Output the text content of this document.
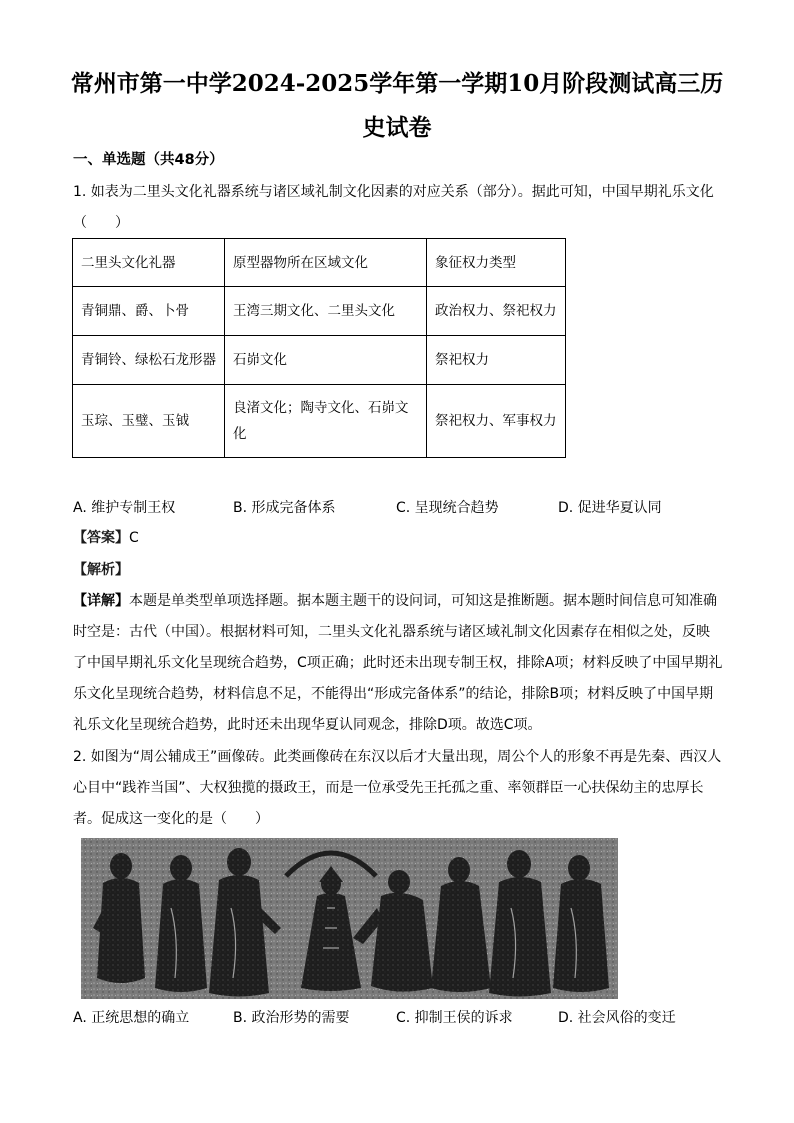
常州市第一中学2024-2025学年第一学期10月阶段测试高三历史试卷
一、单选题（共48分）
1. 如表为二里头文化礼器系统与诸区域礼制文化因素的对应关系（部分）。据此可知，中国早期礼乐文化（　　）
二里头文化礼器	原型器物所在区域文化	象征权力类型
青铜鼎、爵、卜骨	王湾三期文化、二里头文化	政治权力、祭祀权力
青铜铃、绿松石龙形器	石峁文化	祭祀权力
玉琮、玉璧、玉钺	良渚文化；陶寺文化、石峁文化	祭祀权力、军事权力
A. 维护专制王权	B. 形成完备体系	C. 呈现统合趋势	D. 促进华夏认同
【答案】C
【解析】
【详解】本题是单类型单项选择题。据本题主题干的设问词，可知这是推断题。据本题时间信息可知准确时空是：古代（中国）。根据材料可知，二里头文化礼器系统与诸区域礼制文化因素存在相似之处，反映了中国早期礼乐文化呈现统合趋势，C项正确；此时还未出现专制王权，排除A项；材料反映了中国早期礼乐文化呈现统合趋势，材料信息不足，不能得出“形成完备体系”的结论，排除B项；材料反映了中国早期礼乐文化呈现统合趋势，此时还未出现华夏认同观念，排除D项。故选C项。
2. 如图为“周公辅成王”画像砖。此类画像砖在东汉以后才大量出现，周公个人的形象不再是先秦、西汉人心目中“践祚当国”、大权独揽的摄政王，而是一位承受先王托孤之重、率领群臣一心扶保幼主的忠厚长者。促成这一变化的是（　　）
A. 正统思想的确立	B. 政治形势的需要	C. 抑制王侯的诉求	D. 社会风俗的变迁
